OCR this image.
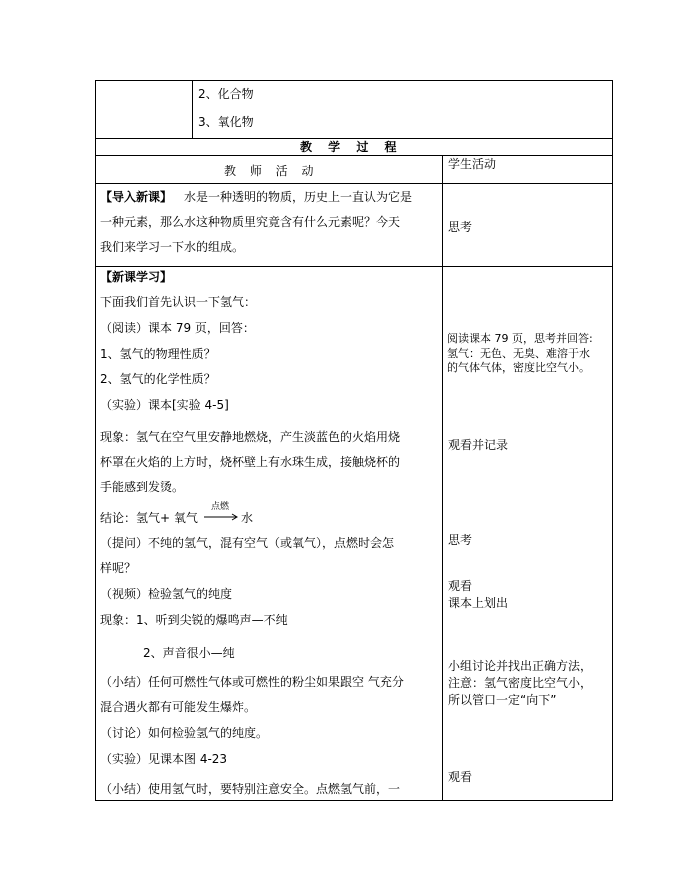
2、化合物
3、氧化物
教 学 过 程
教 师 活 动	学生活动
【导入新课】 水是一种透明的物质，历史上一直认为它是
一种元素，那么水这种物质里究竟含有什么元素呢？今天
我们来学习一下水的组成。
思考
【新课学习】
下面我们首先认识一下氢气：
（阅读）课本 79 页，回答：
1、氢气的物理性质？
2、氢气的化学性质？
（实验）课本[实验 4-5]
现象：氢气在空气里安静地燃烧，产生淡蓝色的火焰用烧
杯罩在火焰的上方时，烧杯壁上有水珠生成，接触烧杯的
手能感到发烫。
结论：氢气+ 氧气
点燃
→ 水
（提问）不纯的氢气，混有空气（或氧气），点燃时会怎
样呢？
（视频）检验氢气的纯度
现象：1、听到尖锐的爆鸣声—不纯
2、声音很小—纯
（小结）任何可燃性气体或可燃性的粉尘如果跟空 气充分
混合遇火都有可能发生爆炸。
（讨论）如何检验氢气的纯度。
（实验）见课本图 4-23
（小结）使用氢气时，要特别注意安全。点燃氢气前，一
阅读课本 79 页，思考并回答:
氢气：无色、无臭、难溶于水
的气体气体，密度比空气小。
观看并记录
思考
观看
课本上划出
小组讨论并找出正确方法，
注意：氢气密度比空气小，
所以管口一定“向下”
观看
